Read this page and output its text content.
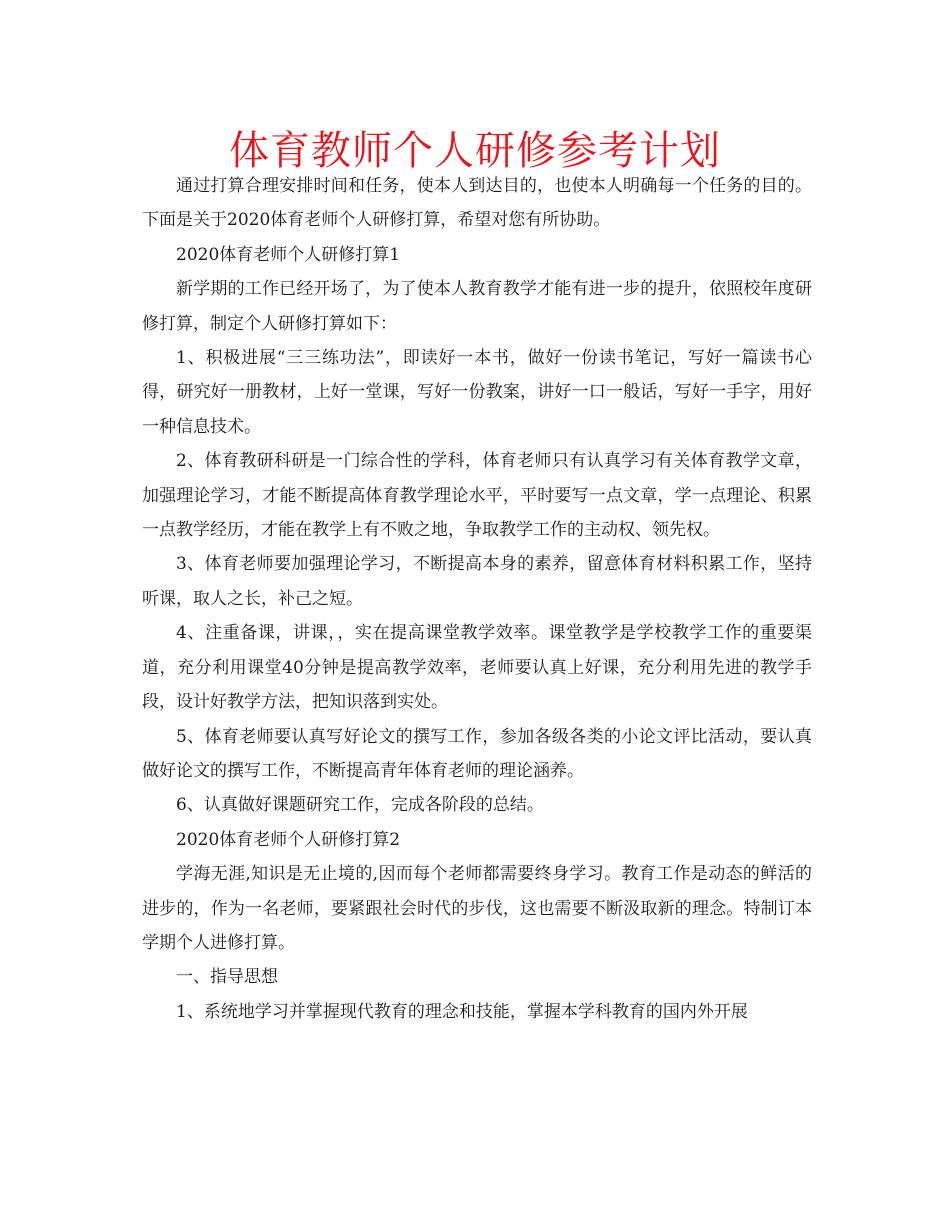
体育教师个人研修参考计划

通过打算合理安排时间和任务，使本人到达目的，也使本人明确每一个任务的目的。下面是关于2020体育老师个人研修打算，希望对您有所协助。

2020体育老师个人研修打算1

新学期的工作已经开场了，为了使本人教育教学才能有进一步的提升，依照校年度研修打算，制定个人研修打算如下：

1、积极进展“三三练功法”，即读好一本书，做好一份读书笔记，写好一篇读书心得，研究好一册教材，上好一堂课，写好一份教案，讲好一口一般话，写好一手字，用好一种信息技术。

2、体育教研科研是一门综合性的学科，体育老师只有认真学习有关体育教学文章，加强理论学习，才能不断提高体育教学理论水平，平时要写一点文章，学一点理论、积累一点教学经历，才能在教学上有不败之地，争取教学工作的主动权、领先权。

3、体育老师要加强理论学习，不断提高本身的素养，留意体育材料积累工作，坚持听课，取人之长，补己之短。

4、注重备课，讲课，，实在提高课堂教学效率。课堂教学是学校教学工作的重要渠道，充分利用课堂40分钟是提高教学效率，老师要认真上好课，充分利用先进的教学手段，设计好教学方法，把知识落到实处。

5、体育老师要认真写好论文的撰写工作，参加各级各类的小论文评比活动，要认真做好论文的撰写工作，不断提高青年体育老师的理论涵养。

6、认真做好课题研究工作，完成各阶段的总结。

2020体育老师个人研修打算2

学海无涯,知识是无止境的,因而每个老师都需要终身学习。教育工作是动态的鲜活的进步的，作为一名老师，要紧跟社会时代的步伐，这也需要不断汲取新的理念。特制订本学期个人进修打算。

一、指导思想

1、系统地学习并掌握现代教育的理念和技能，掌握本学科教育的国内外开展
